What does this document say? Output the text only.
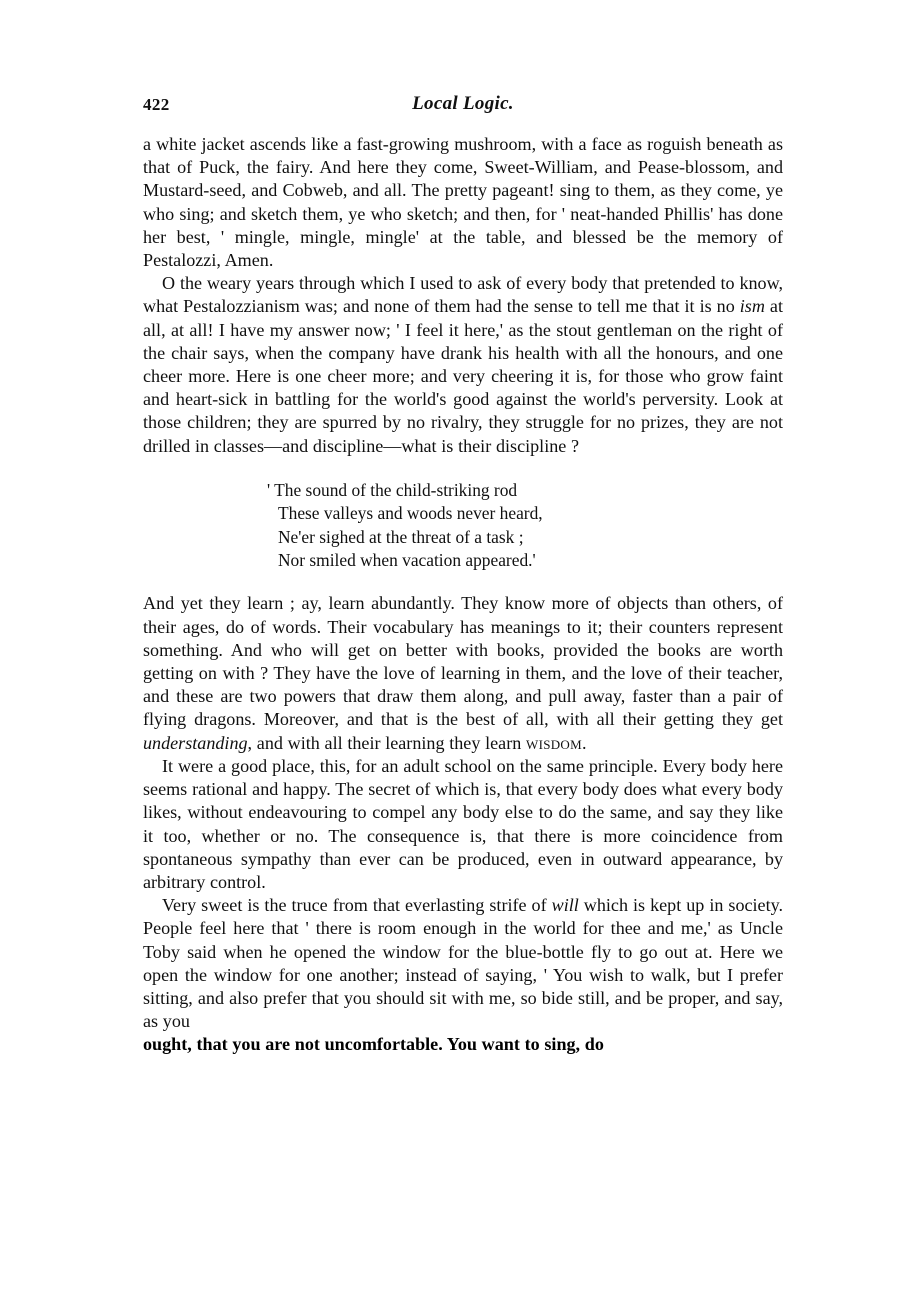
422	Local Logic.

a white jacket ascends like a fast-growing mushroom, with a face as roguish beneath as that of Puck, the fairy. And here they come, Sweet-William, and Pease-blossom, and Mustard-seed, and Cobweb, and all. The pretty pageant! sing to them, as they come, ye who sing; and sketch them, ye who sketch; and then, for ' neat-handed Phillis' has done her best, ' mingle, mingle, mingle' at the table, and blessed be the memory of Pestalozzi, Amen.

O the weary years through which I used to ask of every body that pretended to know, what Pestalozzianism was; and none of them had the sense to tell me that it is no ism at all, at all! I have my answer now; ' I feel it here,' as the stout gentleman on the right of the chair says, when the company have drank his health with all the honours, and one cheer more. Here is one cheer more; and very cheering it is, for those who grow faint and heart-sick in battling for the world's good against the world's perversity. Look at those children; they are spurred by no rivalry, they struggle for no prizes, they are not drilled in classes—and discipline—what is their discipline ?

' The sound of the child-striking rod
These valleys and woods never heard,
Ne'er sighed at the threat of a task ;
Nor smiled when vacation appeared.'

And yet they learn ; ay, learn abundantly. They know more of objects than others, of their ages, do of words. Their vocabulary has meanings to it; their counters represent something. And who will get on better with books, provided the books are worth getting on with ? They have the love of learning in them, and the love of their teacher, and these are two powers that draw them along, and pull away, faster than a pair of flying dragons. Moreover, and that is the best of all, with all their getting they get understanding, and with all their learning they learn wisdom.

It were a good place, this, for an adult school on the same principle. Every body here seems rational and happy. The secret of which is, that every body does what every body likes, without endeavouring to compel any body else to do the same, and say they like it too, whether or no. The consequence is, that there is more coincidence from spontaneous sympathy than ever can be produced, even in outward appearance, by arbitrary control.

Very sweet is the truce from that everlasting strife of will which is kept up in society. People feel here that ' there is room enough in the world for thee and me,' as Uncle Toby said when he opened the window for the blue-bottle fly to go out at. Here we open the window for one another; instead of saying, ' You wish to walk, but I prefer sitting, and also prefer that you should sit with me, so bide still, and be proper, and say, as you

ought, that you are not uncomfortable. You want to sing, do
